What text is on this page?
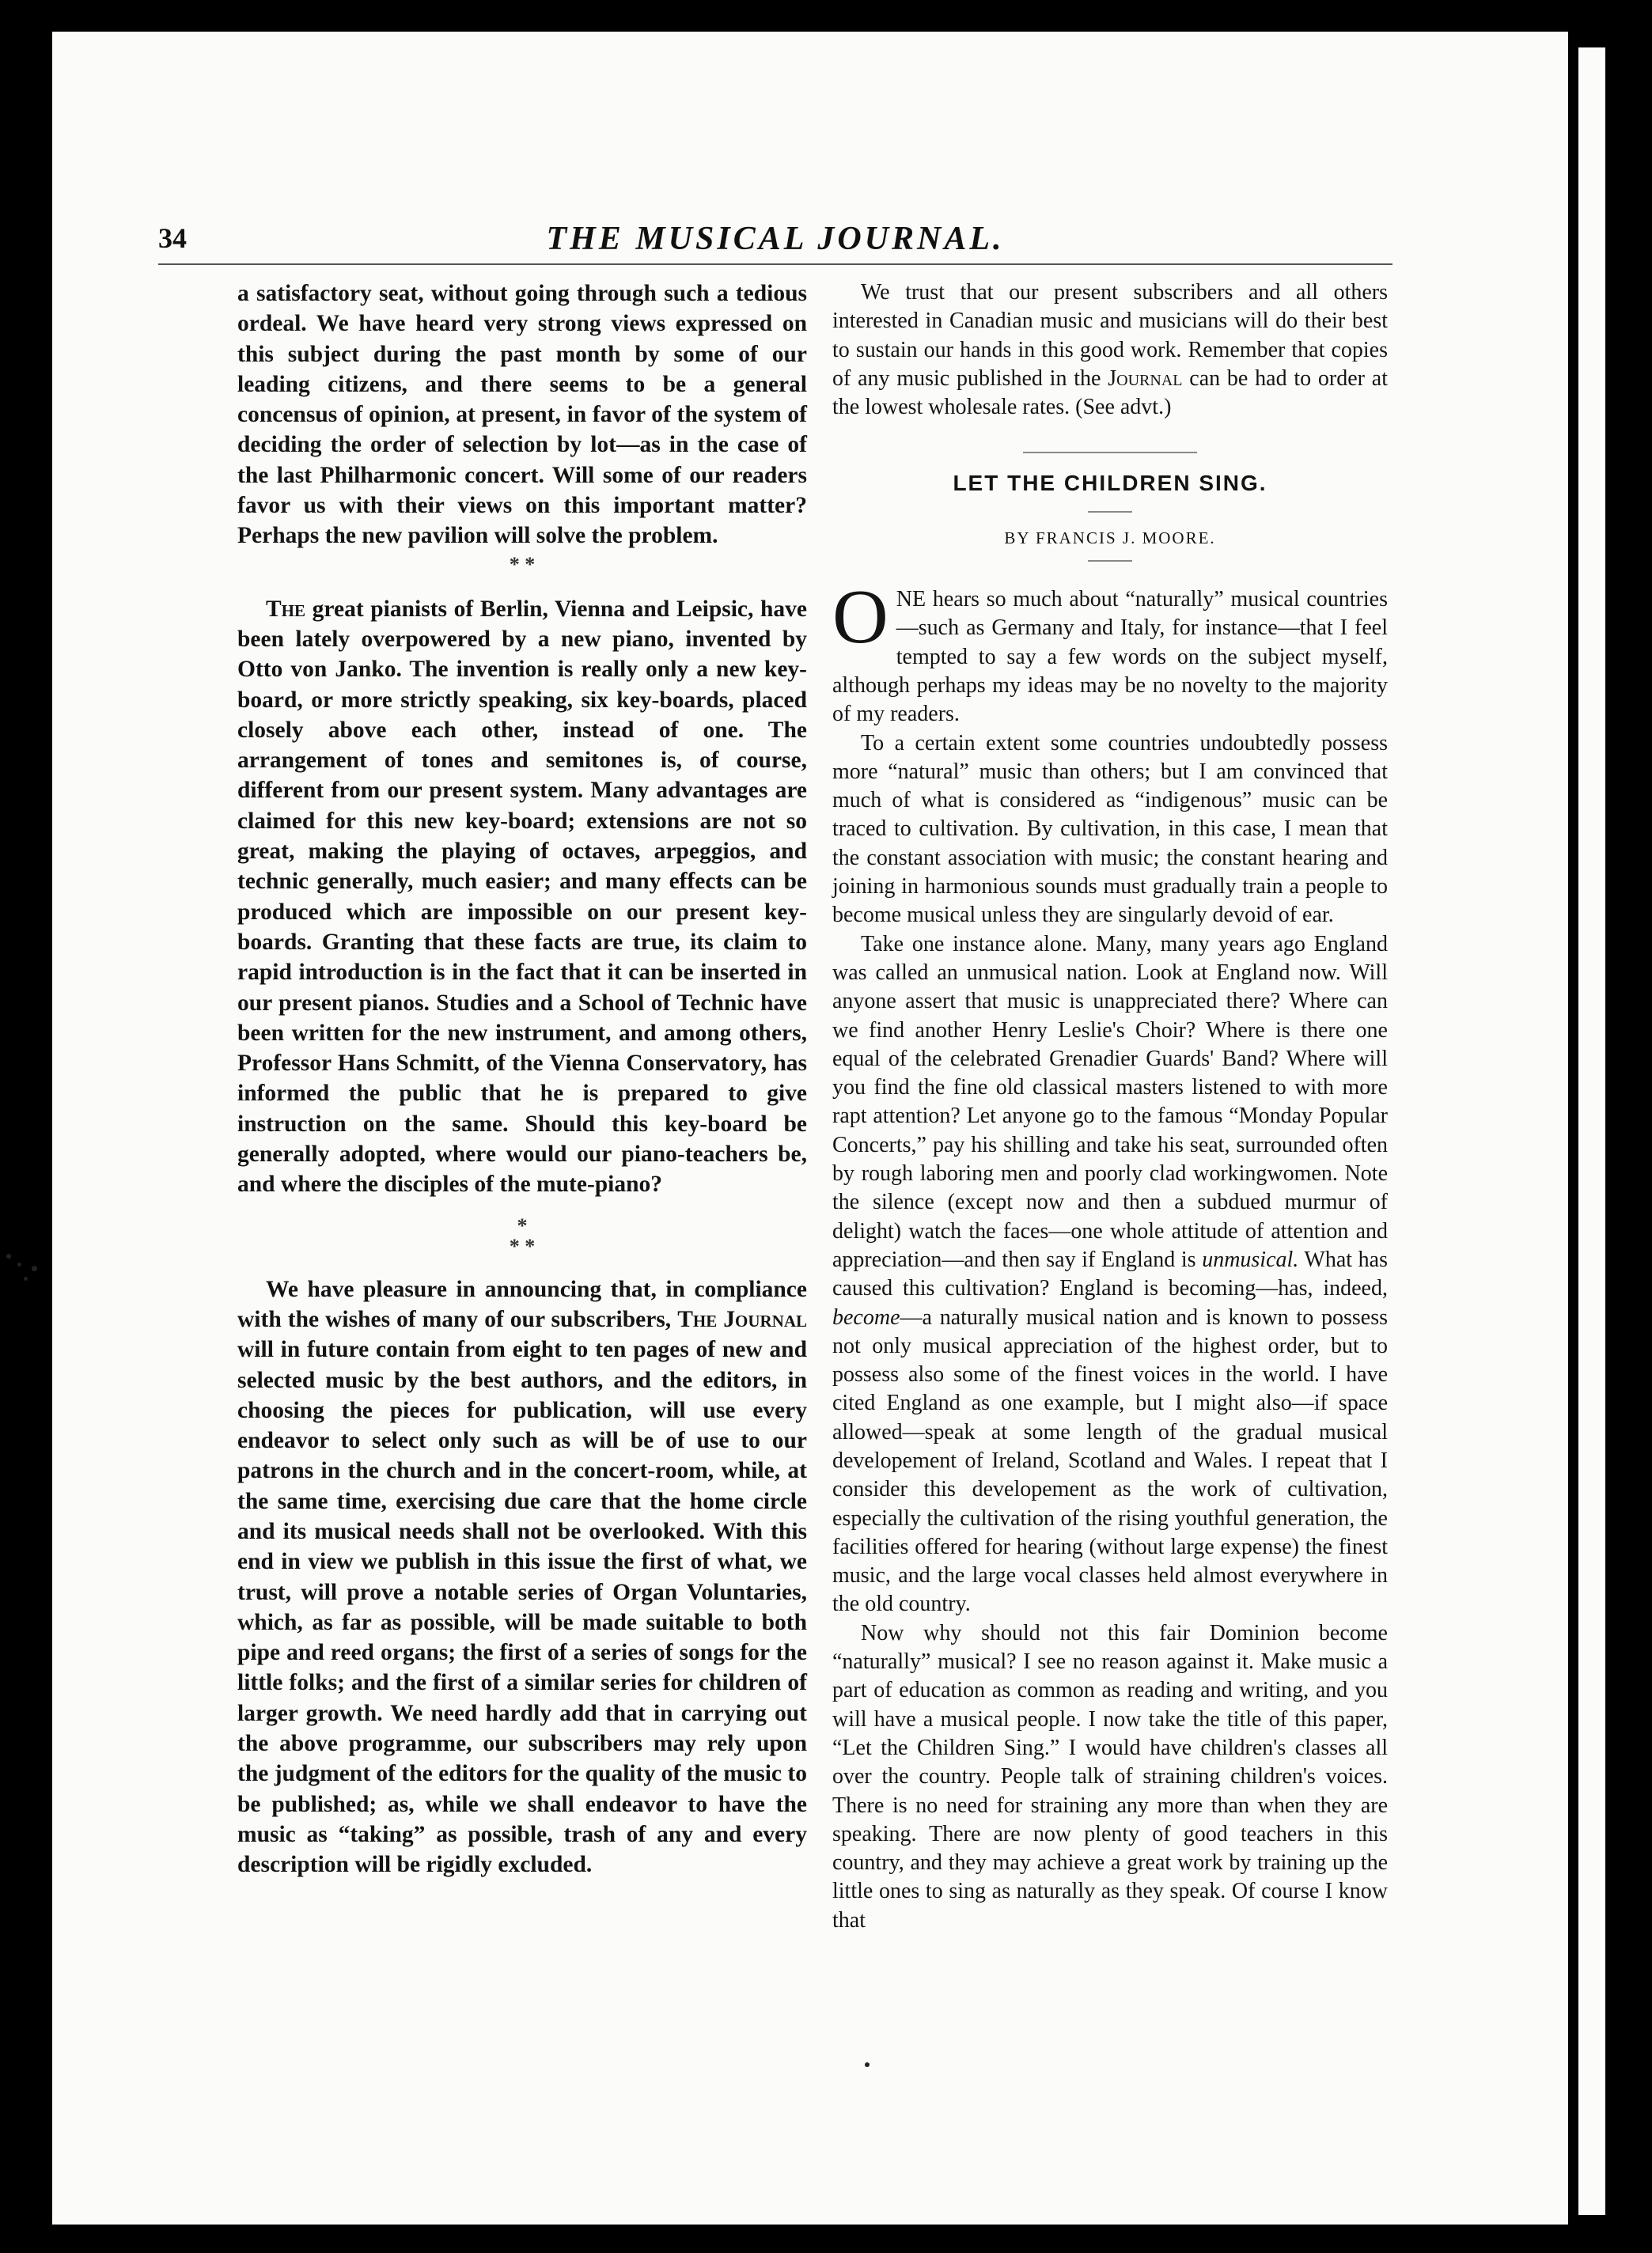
34	THE MUSICAL JOURNAL.

a satisfactory seat, without going through such a tedious ordeal. We have heard very strong views expressed on this subject during the past month by some of our leading citizens, and there seems to be a general concensus of opinion, at present, in favor of the system of deciding the order of selection by lot—as in the case of the last Philharmonic concert. Will some of our readers favor us with their views on this important matter? Perhaps the new pavilion will solve the problem.

* *

The great pianists of Berlin, Vienna and Leipsic, have been lately overpowered by a new piano, invented by Otto von Janko. The invention is really only a new key-board, or more strictly speaking, six key-boards, placed closely above each other, instead of one. The arrangement of tones and semitones is, of course, different from our present system. Many advantages are claimed for this new key-board; extensions are not so great, making the playing of octaves, arpeggios, and technic generally, much easier; and many effects can be produced which are impossible on our present key-boards. Granting that these facts are true, its claim to rapid introduction is in the fact that it can be inserted in our present pianos. Studies and a School of Technic have been written for the new instrument, and among others, Professor Hans Schmitt, of the Vienna Conservatory, has informed the public that he is prepared to give instruction on the same. Should this key-board be generally adopted, where would our piano-teachers be, and where the disciples of the mute-piano?

*
* *

We have pleasure in announcing that, in compliance with the wishes of many of our subscribers, The Journal will in future contain from eight to ten pages of new and selected music by the best authors, and the editors, in choosing the pieces for publication, will use every endeavor to select only such as will be of use to our patrons in the church and in the concert-room, while, at the same time, exercising due care that the home circle and its musical needs shall not be overlooked. With this end in view we publish in this issue the first of what, we trust, will prove a notable series of Organ Voluntaries, which, as far as possible, will be made suitable to both pipe and reed organs; the first of a series of songs for the little folks; and the first of a similar series for children of larger growth. We need hardly add that in carrying out the above programme, our subscribers may rely upon the judgment of the editors for the quality of the music to be published; as, while we shall endeavor to have the music as “taking” as possible, trash of any and every description will be rigidly excluded.

We trust that our present subscribers and all others interested in Canadian music and musicians will do their best to sustain our hands in this good work. Remember that copies of any music published in the Journal can be had to order at the lowest wholesale rates. (See advt.)

LET THE CHILDREN SING.
BY FRANCIS J. MOORE.

ONE hears so much about “naturally” musical countries—such as Germany and Italy, for instance—that I feel tempted to say a few words on the subject myself, although perhaps my ideas may be no novelty to the majority of my readers.

To a certain extent some countries undoubtedly possess more “natural” music than others; but I am convinced that much of what is considered as “indigenous” music can be traced to cultivation. By cultivation, in this case, I mean that the constant association with music; the constant hearing and joining in harmonious sounds must gradually train a people to become musical unless they are singularly devoid of ear.

Take one instance alone. Many, many years ago England was called an unmusical nation. Look at England now. Will anyone assert that music is unappreciated there? Where can we find another Henry Leslie's Choir? Where is there one equal of the celebrated Grenadier Guards' Band? Where will you find the fine old classical masters listened to with more rapt attention? Let anyone go to the famous “Monday Popular Concerts,” pay his shilling and take his seat, surrounded often by rough laboring men and poorly clad workingwomen. Note the silence (except now and then a subdued murmur of delight) watch the faces—one whole attitude of attention and appreciation—and then say if England is unmusical. What has caused this cultivation? England is becoming—has, indeed, become—a naturally musical nation and is known to possess not only musical appreciation of the highest order, but to possess also some of the finest voices in the world. I have cited England as one example, but I might also—if space allowed—speak at some length of the gradual musical developement of Ireland, Scotland and Wales. I repeat that I consider this developement as the work of cultivation, especially the cultivation of the rising youthful generation, the facilities offered for hearing (without large expense) the finest music, and the large vocal classes held almost everywhere in the old country.

Now why should not this fair Dominion become “naturally” musical? I see no reason against it. Make music a part of education as common as reading and writing, and you will have a musical people. I now take the title of this paper, “Let the Children Sing.” I would have children's classes all over the country. People talk of straining children's voices. There is no need for straining any more than when they are speaking. There are now plenty of good teachers in this country, and they may achieve a great work by training up the little ones to sing as naturally as they speak. Of course I know that
